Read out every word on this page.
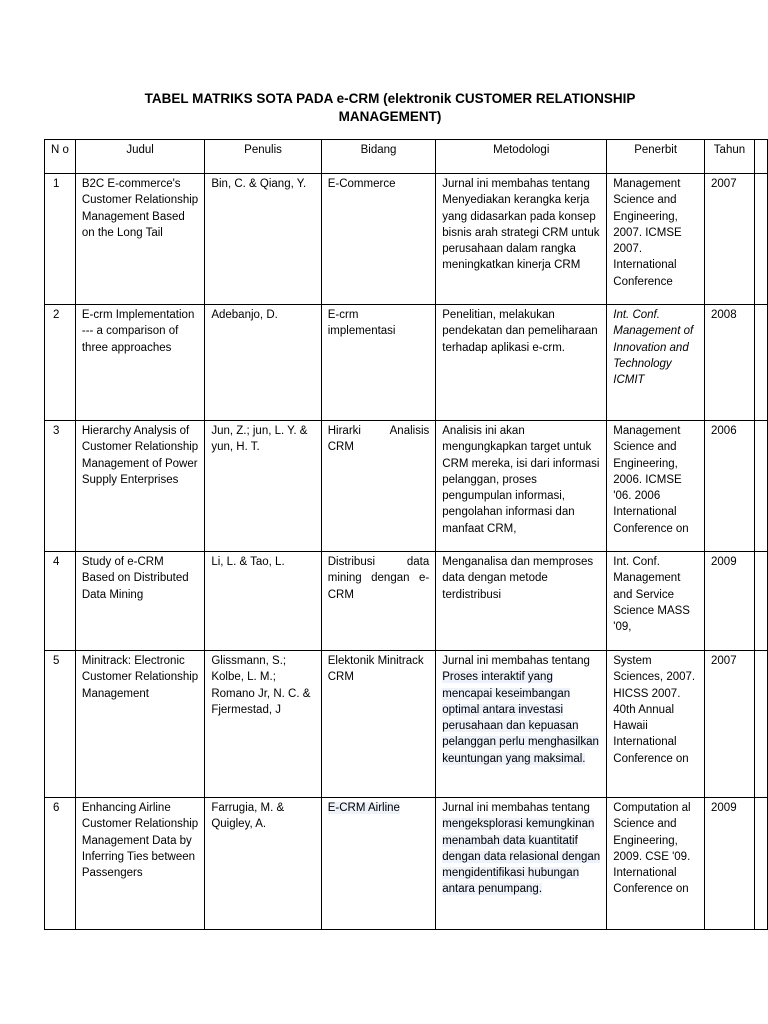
TABEL MATRIKS SOTA PADA e-CRM (elektronik CUSTOMER RELATIONSHIP
MANAGEMENT)
N o	Judul	Penulis	Bidang	Metodologi	Penerbit	Tahun	
1	B2C E-commerce's Customer Relationship Management Based on the Long Tail	Bin, C. & Qiang, Y.	E-Commerce	Jurnal ini membahas tentang Menyediakan kerangka kerja yang didasarkan pada konsep bisnis arah strategi CRM untuk perusahaan dalam rangka meningkatkan kinerja CRM	Management Science and Engineering, 2007. ICMSE 2007. International Conference	2007	
2	E-crm Implementation --- a comparison of three approaches	Adebanjo, D.	E-crm implementasi	Penelitian, melakukan pendekatan dan pemeliharaan terhadap aplikasi e-crm.	Int. Conf. Management of Innovation and Technology ICMIT	2008	
3	Hierarchy Analysis of Customer Relationship Management of Power Supply Enterprises	Jun, Z.; jun, L. Y. & yun, H. T.	Hirarki Analisis CRM	Analisis ini akan mengungkapkan target untuk CRM mereka, isi dari informasi pelanggan, proses pengumpulan informasi, pengolahan informasi dan manfaat CRM,	Management Science and Engineering, 2006. ICMSE '06. 2006 International Conference on	2006	
4	Study of e-CRM Based on Distributed Data Mining	Li, L. & Tao, L.	Distribusi data mining dengan e-CRM	Menganalisa dan memproses data dengan metode terdistribusi	Int. Conf. Management and Service Science MASS '09,	2009	
5	Minitrack: Electronic Customer Relationship Management	Glissmann, S.; Kolbe, L. M.; Romano Jr, N. C. & Fjermestad, J	Elektonik Minitrack CRM	Jurnal ini membahas tentang Proses interaktif yang mencapai keseimbangan optimal antara investasi perusahaan dan kepuasan pelanggan perlu menghasilkan keuntungan yang maksimal.	System Sciences, 2007. HICSS 2007. 40th Annual Hawaii International Conference on	2007	
6	Enhancing Airline Customer Relationship Management Data by Inferring Ties between Passengers	Farrugia, M. & Quigley, A.	E-CRM Airline	Jurnal ini membahas tentang mengeksplorasi kemungkinan menambah data kuantitatif dengan data relasional dengan mengidentifikasi hubungan antara penumpang.	Computation al Science and Engineering, 2009. CSE '09. International Conference on	2009	
